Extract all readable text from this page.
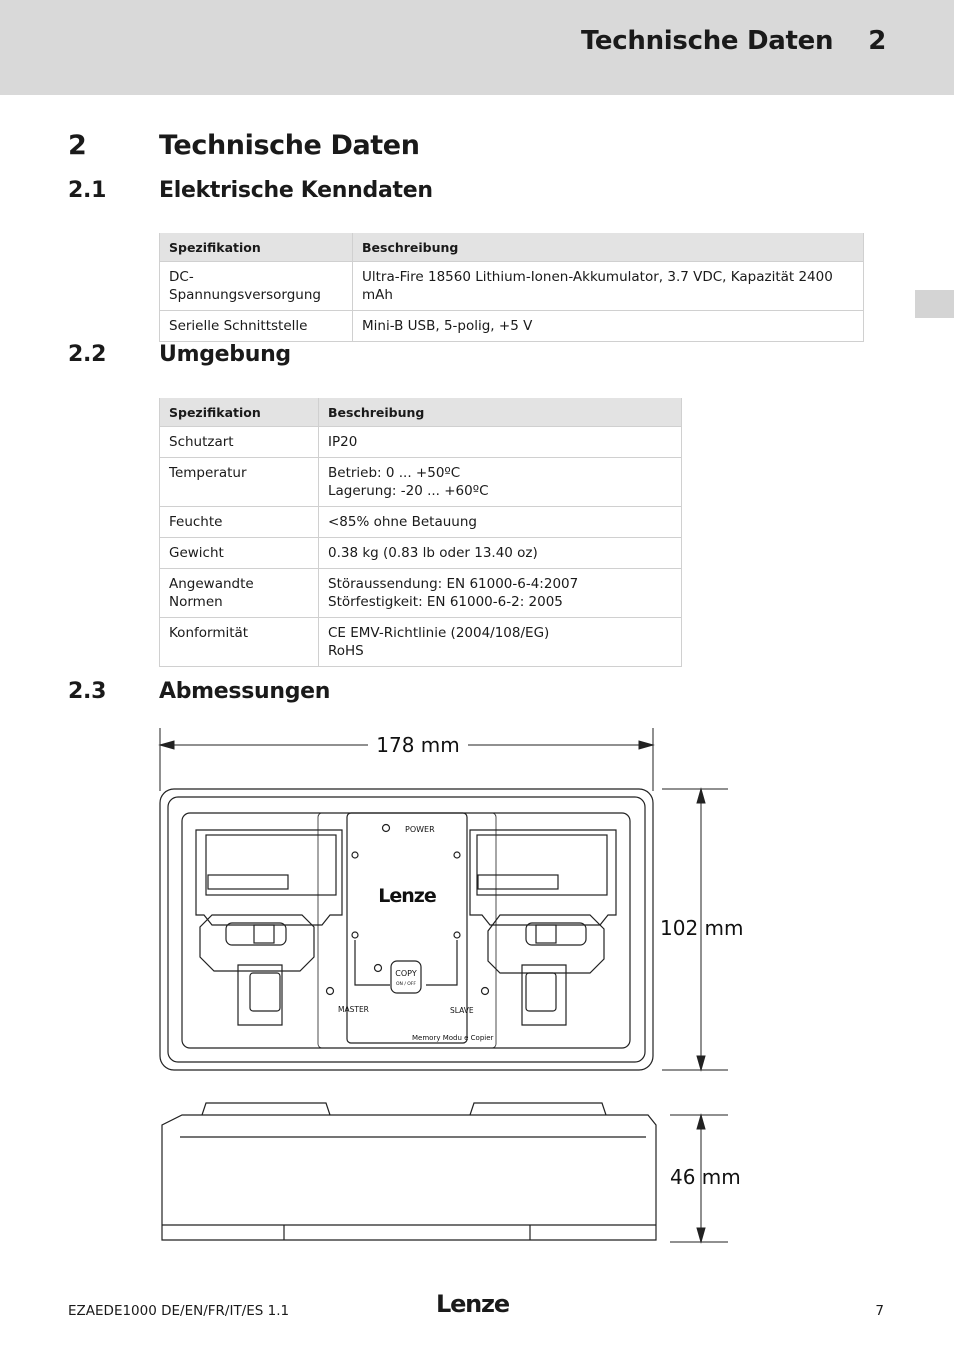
Technische Daten    2
2	Technische Daten
2.1 Elektrische Kenndaten
Spezifikation	Beschreibung
DC-Spannungsversorgung	Ultra-Fire 18560 Lithium-Ionen-Akkumulator, 3.7 VDC, Kapazität 2400 mAh
Serielle Schnittstelle	Mini-B USB, 5-polig, +5 V
2.2 Umgebung
Spezifikation	Beschreibung
Schutzart	IP20

Temperatur	Betrieb: 0 ... +50ºC
Lagerung: -20 ... +60ºC

Feuchte	<85% ohne Betauung

Gewicht	0.38 kg (0.83 lb oder 13.40 oz)

Angewandte Normen	Störaussendung: EN 61000-6-4:2007
Störfestigkeit: EN 61000-6-2: 2005

Konformität	CE EMV-Richtlinie (2004/108/EG)
RoHS
2.3 Abmessungen
178 mm
102 mm
POWER
Lenze
COPY
ON / OFF
MASTER	SLAVE
Memory Modu e Copier
46 mm
EZAEDE1000 DE/EN/FR/IT/ES 1.1	Lenze	7
